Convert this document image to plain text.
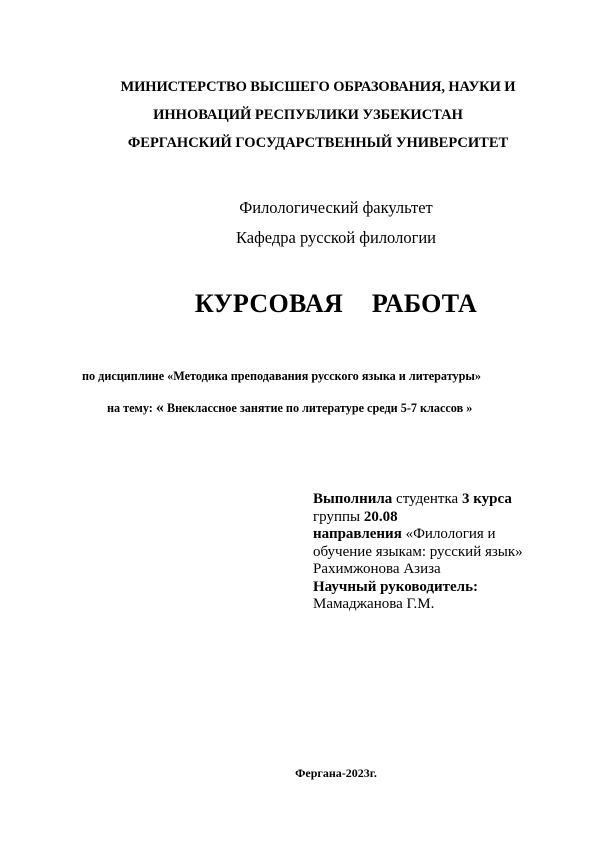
МИНИСТЕРСТВО ВЫСШЕГО ОБРАЗОВАНИЯ, НАУКИ И
ИННОВАЦИЙ РЕСПУБЛИКИ УЗБЕКИСТАН
ФЕРГАНСКИЙ ГОСУДАРСТВЕННЫЙ УНИВЕРСИТЕТ
Филологический факультет
Кафедра русской филологии
КУРСОВАЯ РАБОТА
по дисциплине «Методика преподавания русского языка и литературы»
на тему: « Внеклассное занятие по литературе среди 5-7 классов »
Выполнила студентка 3 курса
группы 20.08
направления «Филология и
обучение языкам: русский язык»
Рахимжонова Азиза
Научный руководитель:
Мамаджанова Г.М.
Фергана-2023г.
